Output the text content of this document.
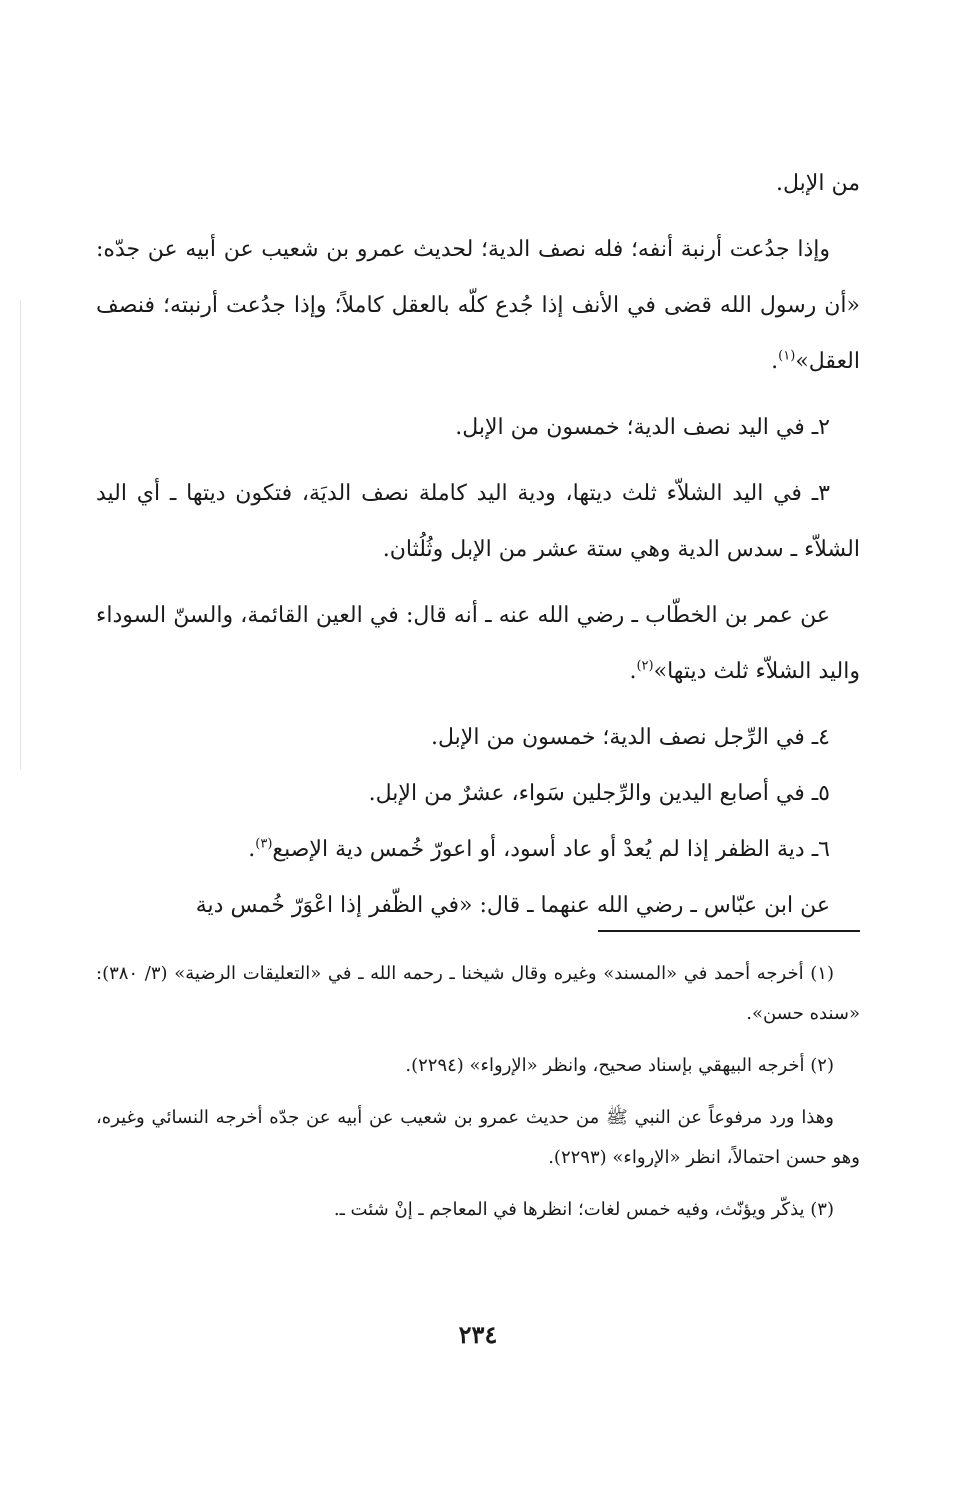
من الإبل.

وإذا جدُعت أرنبة أنفه؛ فله نصف الدية؛ لحديث عمرو بن شعيب عن أبيه عن جدّه: «أن رسول الله قضى في الأنف إذا جُدع كلّه بالعقل كاملاً؛ وإذا جدُعت أرنبته؛ فنصف العقل»$^{(١)}$.

٢ـ في اليد نصف الدية؛ خمسون من الإبل.

٣ـ في اليد الشلاّء ثلث ديتها، ودية اليد كاملة نصف الديَة، فتكون ديتها ـ أي اليد الشلاّء ـ سدس الدية وهي ستة عشر من الإبل وثُلُثان.

عن عمر بن الخطّاب ـ رضي الله عنه ـ أنه قال: في العين القائمة، والسنّ السوداء واليد الشلاّء ثلث ديتها»$^{(٢)}$.

٤ـ في الرِّجل نصف الدية؛ خمسون من الإبل.

٥ـ في أصابع اليدين والرِّجلين سَواء، عشرٌ من الإبل.

٦ـ دية الظفر إذا لم يُعدْ أو عاد أسود، أو اعورّ خُمس دية الإصبع$^{(٣)}$.

عن ابن عبّاس ـ رضي الله عنهما ـ قال: «في الظّفر إذا اعْوَرّ خُمس دية

(١) أخرجه أحمد في «المسند» وغيره وقال شيخنا ـ رحمه الله ـ في «التعليقات الرضية» (٣/ ٣٨٠): «سنده حسن».

(٢) أخرجه البيهقي بإسناد صحيح، وانظر «الإرواء» (٢٢٩٤).

وهذا ورد مرفوعاً عن النبي ﷺ من حديث عمرو بن شعيب عن أبيه عن جدّه أخرجه النسائي وغيره، وهو حسن احتمالاً، انظر «الإرواء» (٢٢٩٣).

(٣) يذكّر ويؤنّث، وفيه خمس لغات؛ انظرها في المعاجم ـ إنْ شئت ـ.

٢٣٤
